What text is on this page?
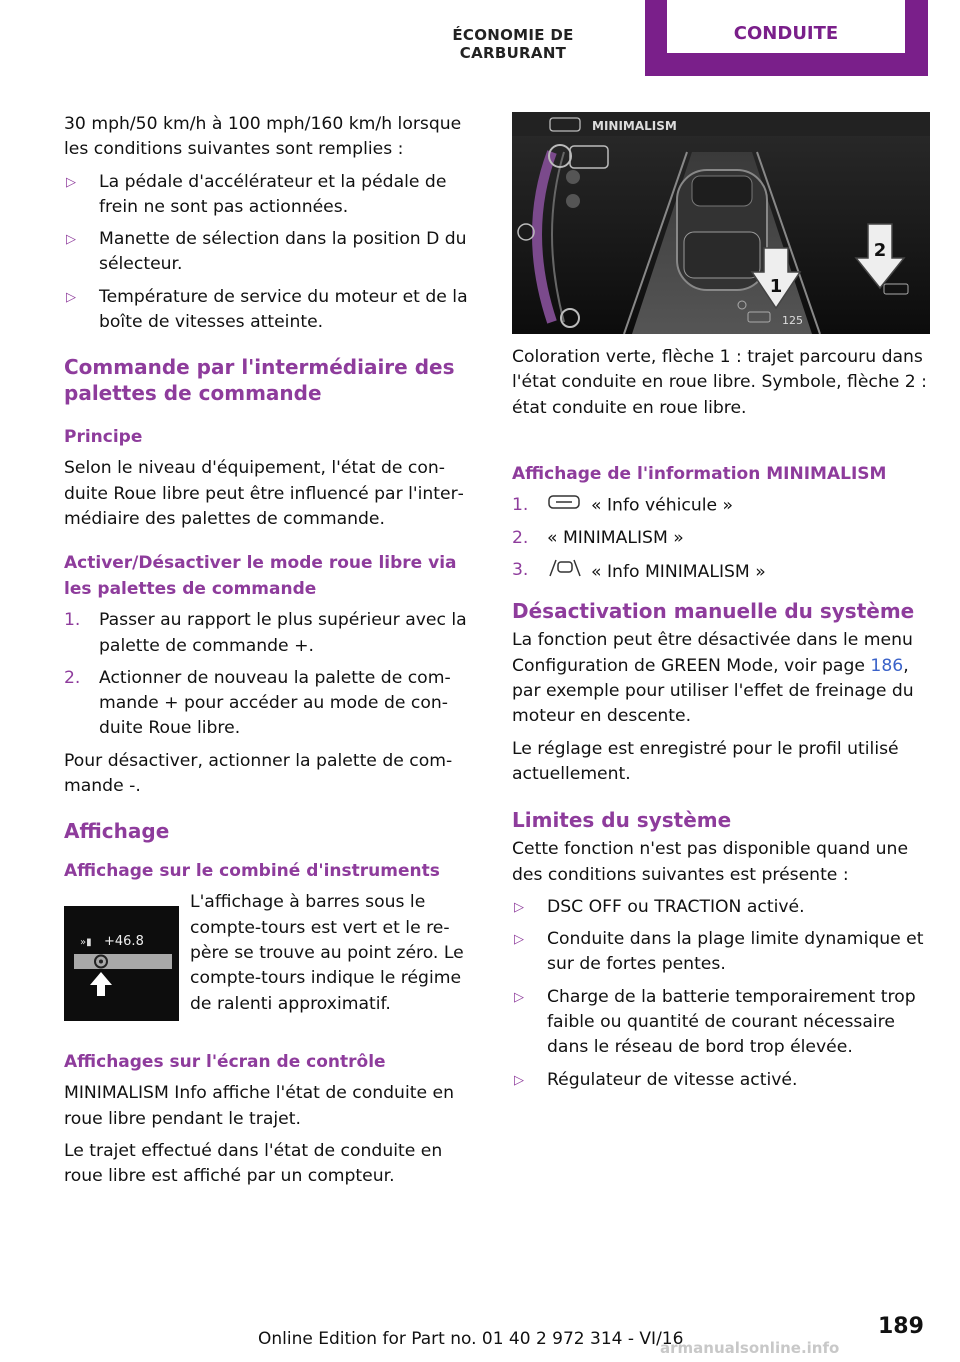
ÉCONOMIE DE CARBURANT
CONDUITE

30 mph/50 km/h à 100 mph/160 km/h lorsque les conditions suivantes sont remplies :

▷ La pédale d'accélérateur et la pédale de frein ne sont pas actionnées.
▷ Manette de sélection dans la position D du sélecteur.
▷ Température de service du moteur et de la boîte de vitesses atteinte.
Commande par l'intermédiaire des palettes de commande
Principe

Selon le niveau d'équipement, l'état de conduite Roue libre peut être influencé par l'intermédiaire des palettes de commande.

Activer/Désactiver le mode roue libre via les palettes de commande
1. Passer au rapport le plus supérieur avec la palette de commande +.
2. Actionner de nouveau la palette de commande + pour accéder au mode de conduite Roue libre.

Pour désactiver, actionner la palette de commande -.

Affichage
Affichage sur le combiné d'instruments
»▮ +46.8

L'affichage à barres sous le compte-tours est vert et le repère se trouve au point zéro. Le compte-tours indique le régime de ralenti approximatif.

Affichages sur l'écran de contrôle

MINIMALISM Info affiche l'état de conduite en roue libre pendant le trajet.

Le trajet effectué dans l'état de conduite en roue libre est affiché par un compteur.

MINIMALISM
1
2
125

Coloration verte, flèche 1 : trajet parcouru dans l'état conduite en roue libre. Symbole, flèche 2 : état conduite en roue libre.

Affichage de l'information MINIMALISM
1.	« Info véhicule »
2. « MINIMALISM »
3.	« Info MINIMALISM »
Désactivation manuelle du système

La fonction peut être désactivée dans le menu Configuration de GREEN Mode, voir page 186, par exemple pour utiliser l'effet de freinage du moteur en descente.

Le réglage est enregistré pour le profil utilisé actuellement.

Limites du système

Cette fonction n'est pas disponible quand une des conditions suivantes est présente :

▷ DSC OFF ou TRACTION activé.
▷ Conduite dans la plage limite dynamique et sur de fortes pentes.
▷ Charge de la batterie temporairement trop faible ou quantité de courant nécessaire dans le réseau de bord trop élevée.
▷ Régulateur de vitesse activé.
189
Online Edition for Part no. 01 40 2 972 314 - VI/16
armanualsonline.info
